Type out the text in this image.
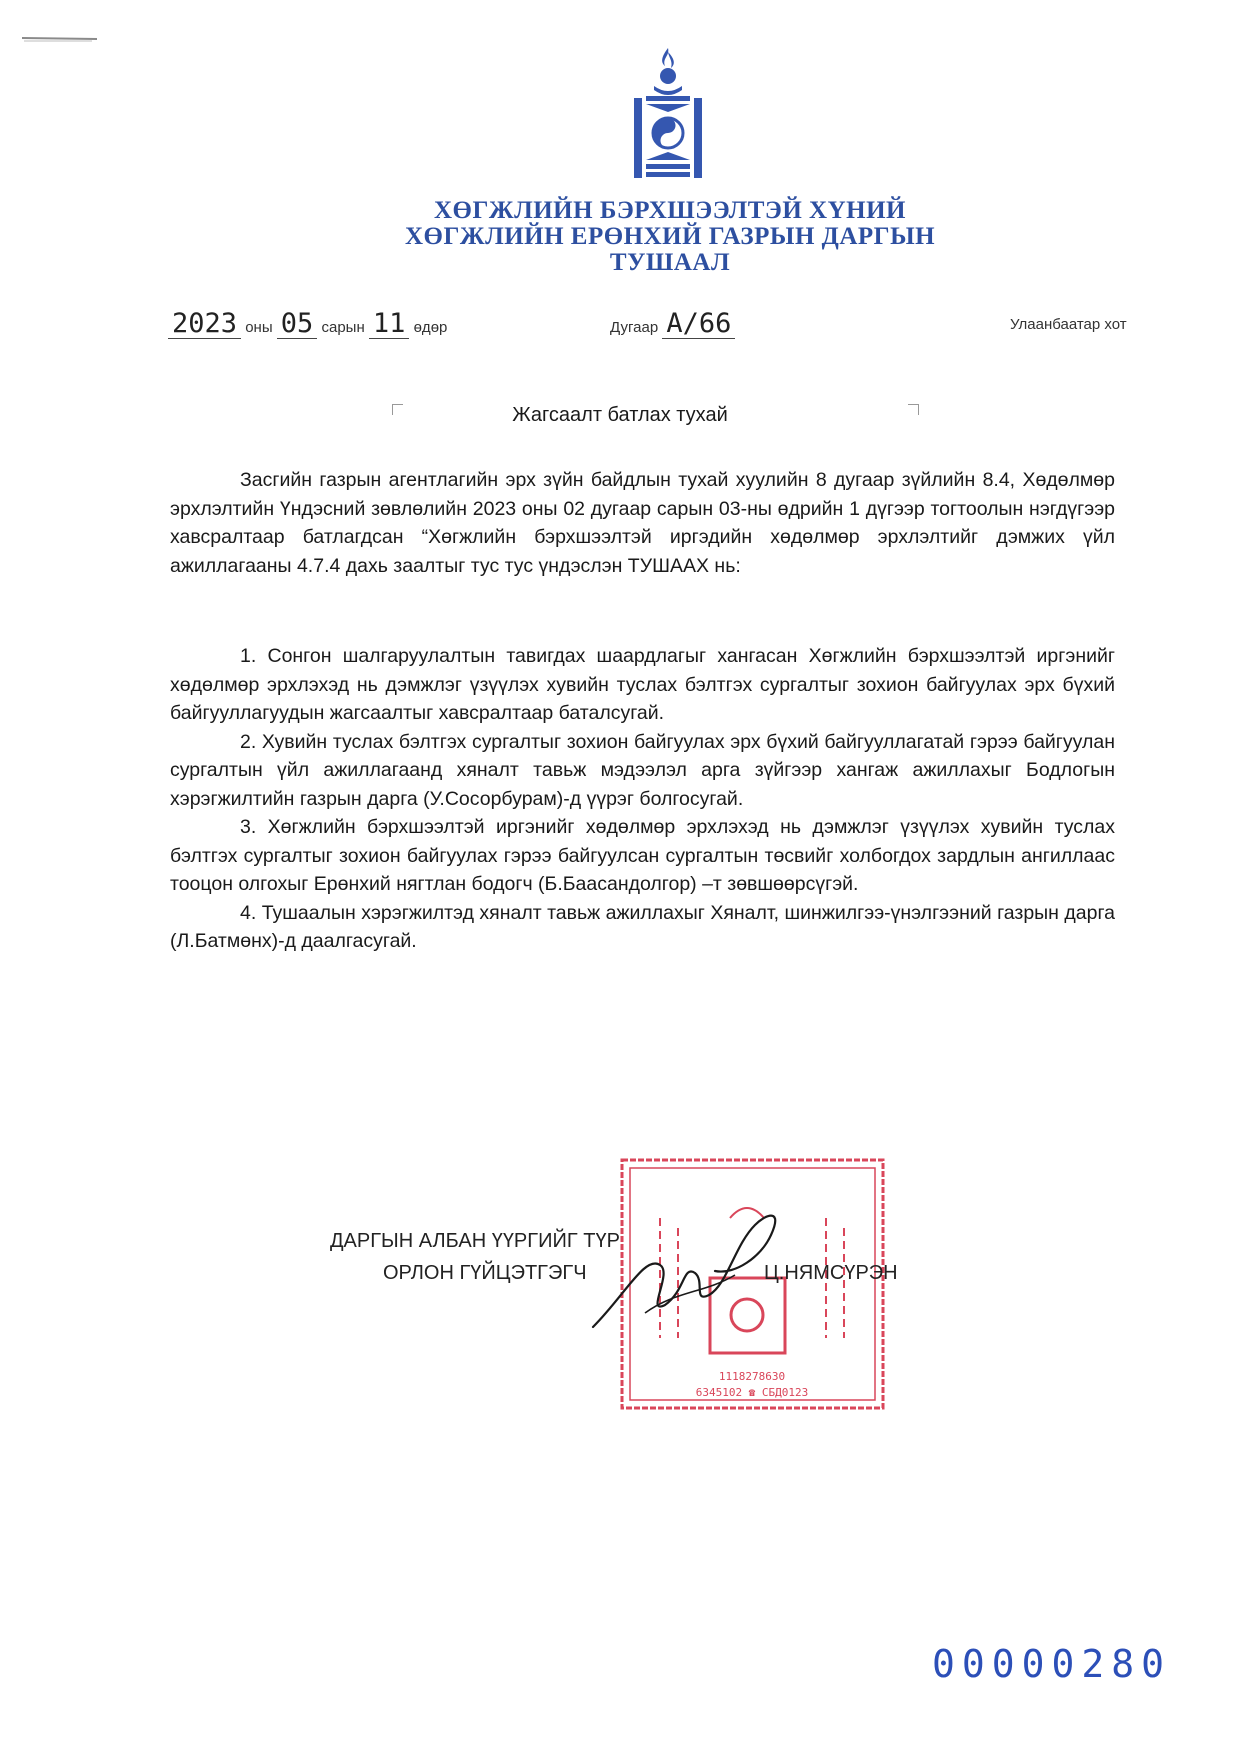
ХӨГЖЛИЙН БЭРХШЭЭЛТЭЙ ХҮНИЙ
ХӨГЖЛИЙН ЕРӨНХИЙ ГАЗРЫН ДАРГЫН
ТУШААЛ
2023 оны 05 сарын 11 өдөр	Дугаар А/66	Улаанбаатар хот
Жагсаалт батлах тухай

Засгийн газрын агентлагийн эрх зүйн байдлын тухай хуулийн 8 дугаар зүйлийн 8.4, Хөдөлмөр эрхлэлтийн Үндэсний зөвлөлийн 2023 оны 02 дугаар сарын 03-ны өдрийн 1 дүгээр тогтоолын нэгдүгээр хавсралтаар батлагдсан “Хөгжлийн бэрхшээлтэй иргэдийн хөдөлмөр эрхлэлтийг дэмжих үйл ажиллагааны 4.7.4 дахь заалтыг тус тус үндэслэн ТУШААХ нь:

1. Сонгон шалгаруулалтын тавигдах шаардлагыг хангасан Хөгжлийн бэрхшээлтэй иргэнийг хөдөлмөр эрхлэхэд нь дэмжлэг үзүүлэх хувийн туслах бэлтгэх сургалтыг зохион байгуулах эрх бүхий байгууллагуудын жагсаалтыг хавсралтаар баталсугай.

2. Хувийн туслах бэлтгэх сургалтыг зохион байгуулах эрх бүхий байгууллагатай гэрээ байгуулан сургалтын үйл ажиллагаанд хяналт тавьж мэдээлэл арга зүйгээр хангаж ажиллахыг Бодлогын хэрэгжилтийн газрын дарга (У.Сосорбурам)-д үүрэг болгосугай.

3. Хөгжлийн бэрхшээлтэй иргэнийг хөдөлмөр эрхлэхэд нь дэмжлэг үзүүлэх хувийн туслах бэлтгэх сургалтыг зохион байгуулах гэрээ байгуулсан сургалтын төсвийг холбогдох зардлын ангиллаас тооцон олгохыг Ерөнхий нягтлан бодогч (Б.Баасандолгор) –т зөвшөөрсүгэй.

4. Тушаалын хэрэгжилтэд хяналт тавьж ажиллахыг Хяналт, шинжилгээ-үнэлгээний газрын дарга (Л.Батмөнх)-д даалгасугай.

1118278630
6345102 ☎ СБД0123
ДАРГЫН АЛБАН ҮҮРГИЙГ ТҮР
ОРЛОН ГҮЙЦЭТГЭГЧ	Ц.НЯМСҮРЭН
00000280
